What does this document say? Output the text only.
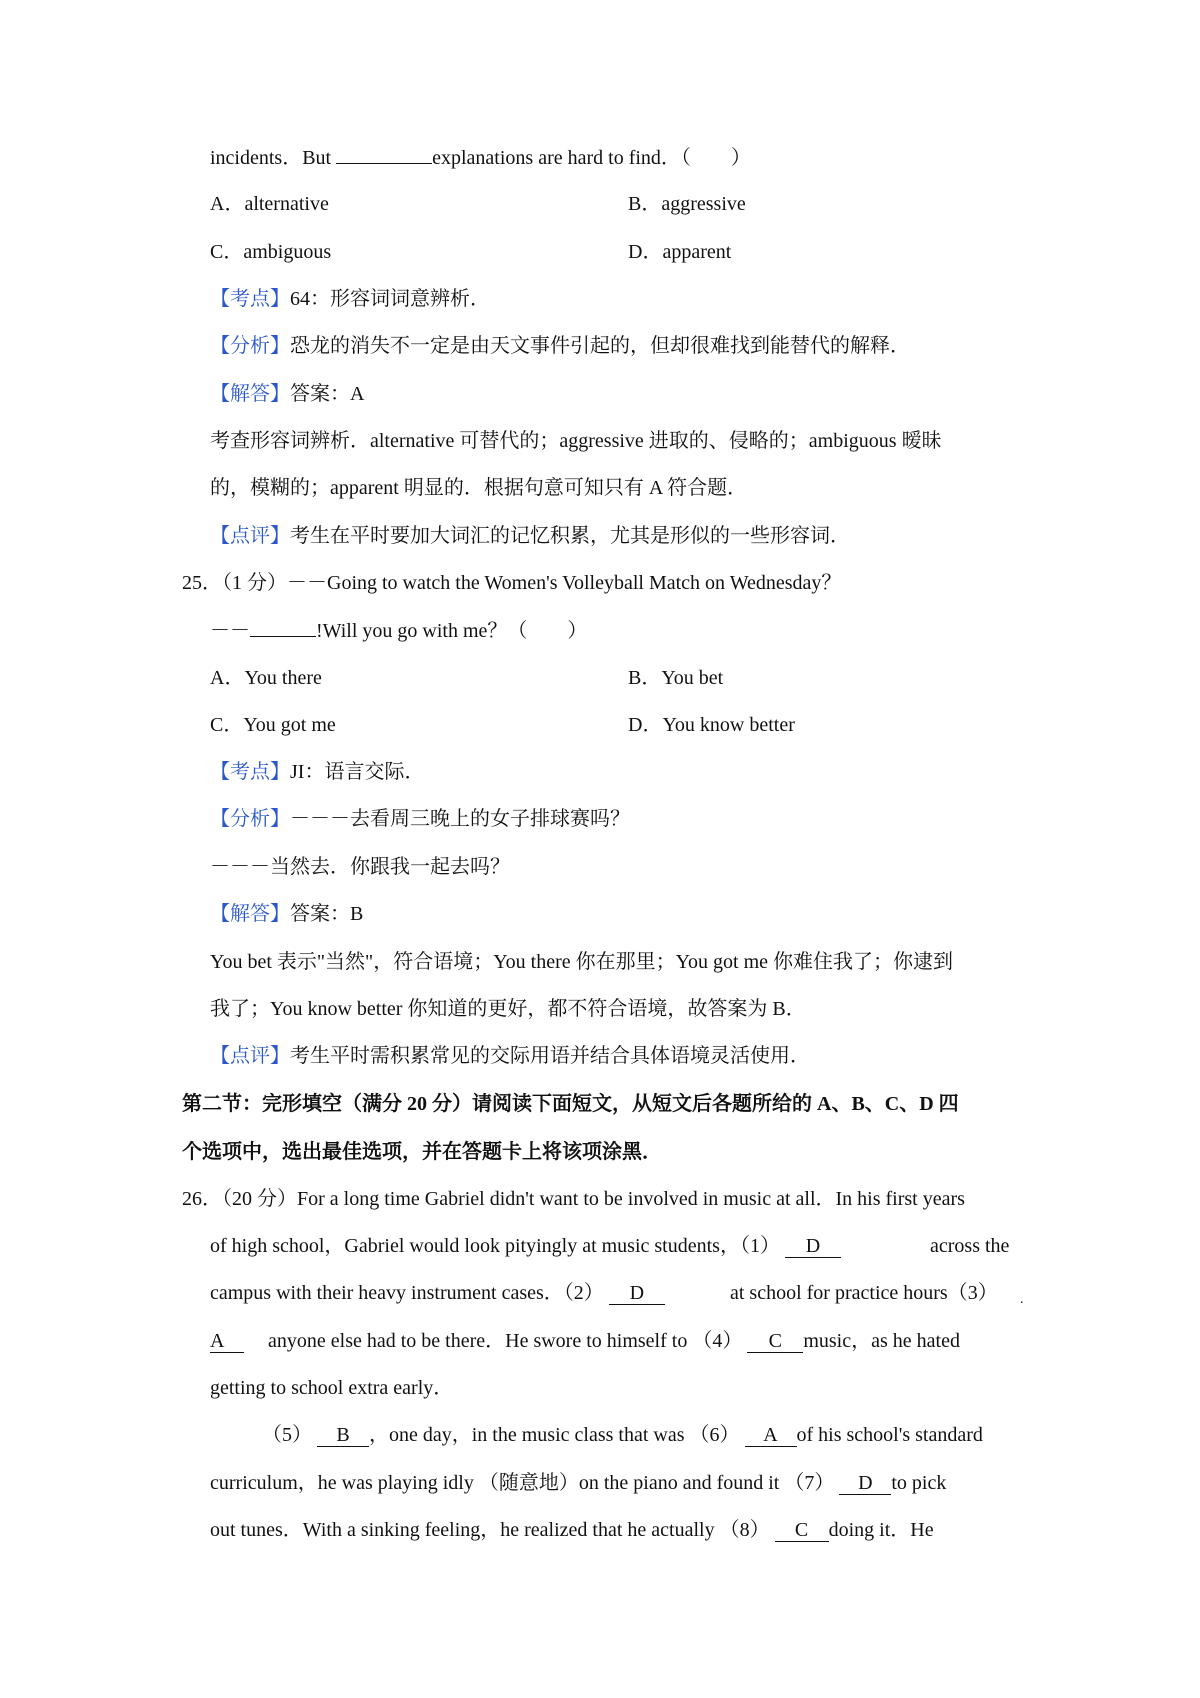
incidents．But	explanations are hard to find．（　　）
A．alternative	B．aggressive
C．ambiguous	D．apparent
【考点】64：形容词词意辨析．
【分析】恐龙的消失不一定是由天文事件引起的，但却很难找到能替代的解释．
【解答】答案：A
考查形容词辨析．alternative 可替代的；aggressive 进取的、侵略的；ambiguous 暧昧
的，模糊的；apparent 明显的．根据句意可知只有 A 符合题．
【点评】考生在平时要加大词汇的记忆积累，尤其是形似的一些形容词．
25．（1 分）－－Going to watch the Women's Volleyball Match on Wednesday？
－－	!Will you go with me？（　　）
A．You there	B．You bet
C．You got me	D．You know better
【考点】JI：语言交际．
【分析】－－－去看周三晚上的女子排球赛吗？
－－－当然去．你跟我一起去吗？
【解答】答案：B
You bet 表示"当然"，符合语境；You there 你在那里；You got me 你难住我了；你逮到
我了；You know better 你知道的更好，都不符合语境，故答案为 B．
【点评】考生平时需积累常见的交际用语并结合具体语境灵活使用．
第二节：完形填空（满分 20 分）请阅读下面短文，从短文后各题所给的 A、B、C、D 四
个选项中，选出最佳选项，并在答题卡上将该项涂黑．
26．（20 分）For a long time Gabriel didn't want to be involved in music at all．In his first years
of high school，Gabriel would look pityingly at music students，（1） D	across the
campus with their heavy instrument cases．（2） D	at school for practice hours（3） .
A	anyone else had to be there．He swore to himself to （4） C music，as he hated
getting to school extra early．
（5） B ，one day，in the music class that was （6） A of his school's standard
curriculum，he was playing idly （随意地）on the piano and found it （7） D to pick
out tunes．With a sinking feeling，he realized that he actually （8） C doing it．He
